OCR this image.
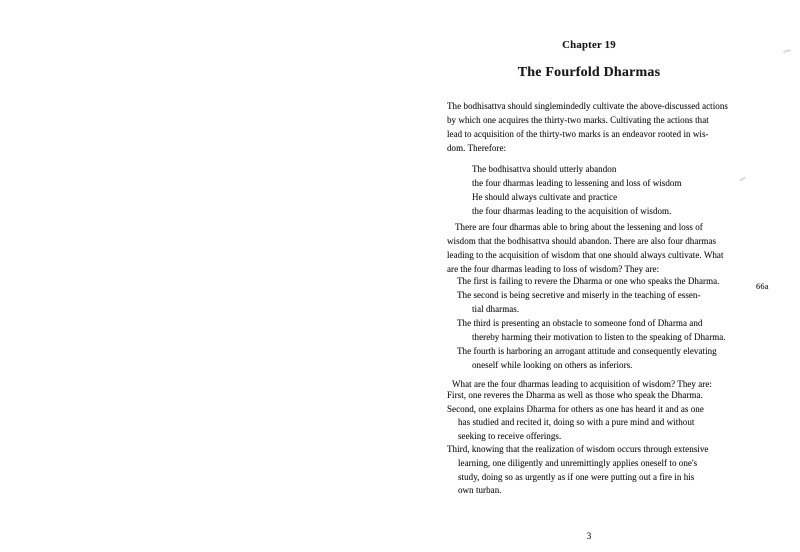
Chapter 19
The Fourfold Dharmas
The bodhisattva should singlemindedly cultivate the above-discussed actions
by which one acquires the thirty-two marks. Cultivating the actions that
lead to acquisition of the thirty-two marks is an endeavor rooted in wis-
dom. Therefore:
The bodhisattva should utterly abandon
the four dharmas leading to lessening and loss of wisdom
He should always cultivate and practice
the four dharmas leading to the acquisition of wisdom.
There are four dharmas able to bring about the lessening and loss of
wisdom that the bodhisattva should abandon. There are also four dharmas
leading to the acquisition of wisdom that one should always cultivate. What
are the four dharmas leading to loss of wisdom? They are:
The first is failing to revere the Dharma or one who speaks the Dharma.
The second is being secretive and miserly in the teaching of essen-
tial dharmas.
The third is presenting an obstacle to someone fond of Dharma and
thereby harming their motivation to listen to the speaking of Dharma.
The fourth is harboring an arrogant attitude and consequently elevating
oneself while looking on others as inferiors.
What are the four dharmas leading to acquisition of wisdom? They are:
First, one reveres the Dharma as well as those who speak the Dharma.
Second, one explains Dharma for others as one has heard it and as one
has studied and recited it, doing so with a pure mind and without
seeking to receive offerings.
Third, knowing that the realization of wisdom occurs through extensive
learning, one diligently and unremittingly applies oneself to one's
study, doing so as urgently as if one were putting out a fire in his
own turban.
66a
3
